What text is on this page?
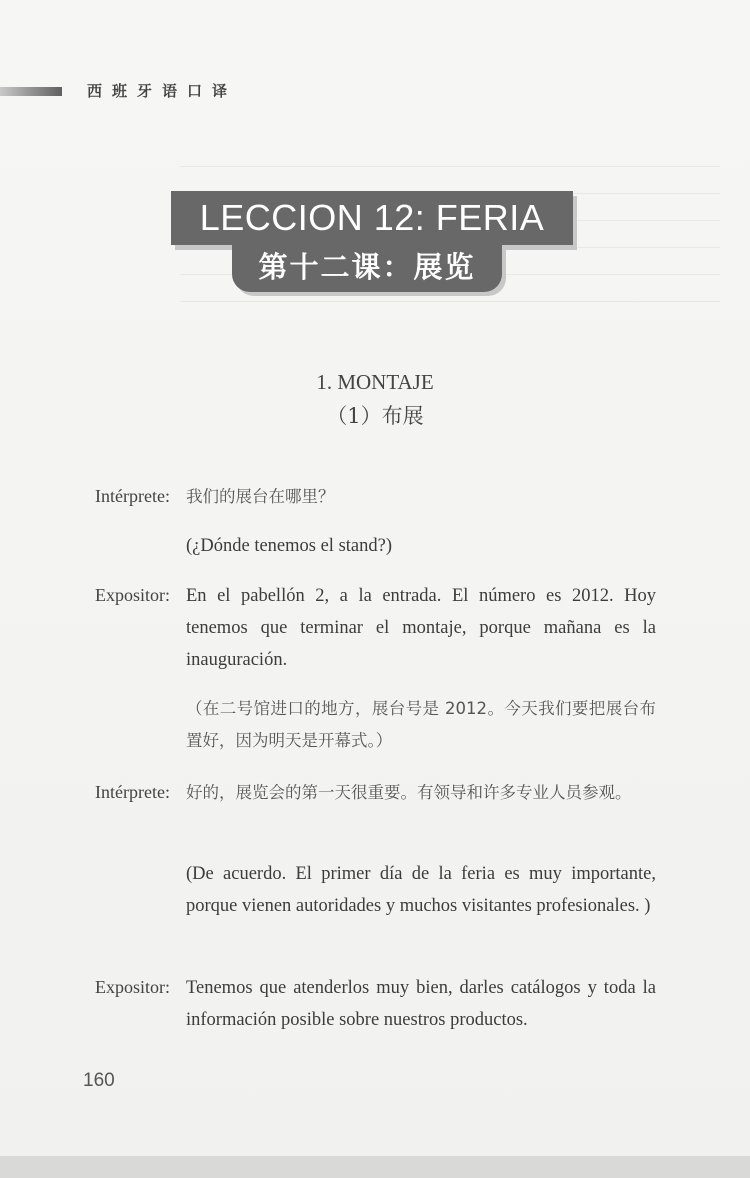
西班牙语口译
LECCION 12: FERIA
第十二课：展览
1. MONTAJE
（1）布展
Intérprete: 我们的展台在哪里？
(¿Dónde tenemos el stand?)
Expositor: En el pabellón 2, a la entrada. El número es 2012. Hoy tenemos que terminar el montaje, porque mañana es la inauguración.
（在二号馆进口的地方，展台号是 2012。今天我们要把展台布置好，因为明天是开幕式。）
Intérprete: 好的，展览会的第一天很重要。有领导和许多专业人员参观。
(De acuerdo. El primer día de la feria es muy importante, porque vienen autoridades y muchos visitantes profesionales. )
Expositor: Tenemos que atenderlos muy bien, darles catálogos y toda la información posible sobre nuestros productos.
160
